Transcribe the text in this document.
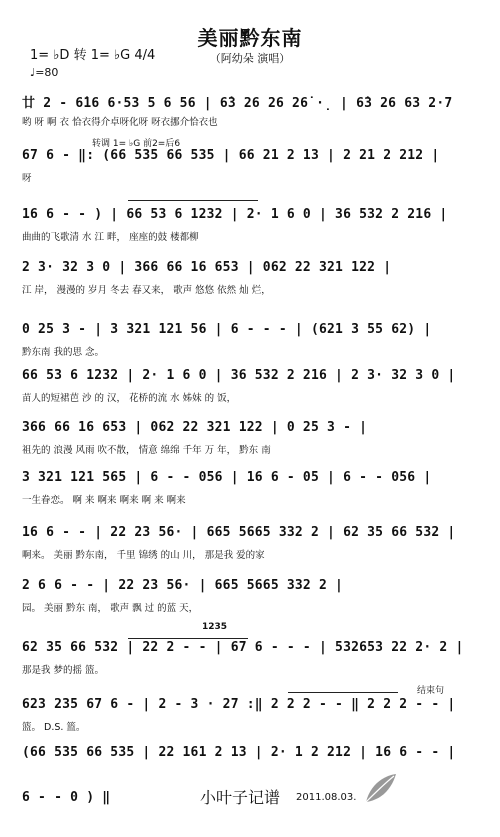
美丽黔东南
（阿幼朵 演唱）
1= ♭D 转 1= ♭G 4/4
♩=80
廿 2 - 6̇16 6·53 5 6 56 | 6̇3 26 26 26̇ ·̣ | 6̇3 26 63 2·7
哟 呀 啊 衣 恰衣得介卓呀化呀 呀衣挪介恰衣也
转调 1= ♭G 前2=后6
67 6 - ‖: (66 535 66 535 | 66 21 2 13 | 2 21 2 212 |
呀
16 6 - - ) | 66 53 6 1232 | 2· 1 6 0 | 36 532 2 216 |
曲曲的飞歌清 水 江 畔， 座座的鼓 楼都柳
2 3· 32 3 0 | 366 66 16 653 | 062 22 321 122 |
江 岸， 漫漫的 岁月 冬去 春又来， 歌声 悠悠 依然 灿 烂，
0 25 3 - | 3 321 121 56 | 6 - - - | (621 3 55 62) |
黔东南 我的思 念。
66 53 6 1232 | 2· 1 6 0 | 36 532 2 216 | 2 3· 32 3 0 |
苗人的短裙芭 沙 的 汉， 花桥的流 水 姊妹 的 饭，
366 66 16 653 | 062 22 321 122 | 0 25 3 - |
祖先的 浪漫 风雨 吹不散， 情意 绵绵 千年 万 年， 黔东 南
3 321 121 565 | 6 - - 056 | 16 6 - 05 | 6 - - 056 |
一生眷恋。 啊 来 啊来 啊来 啊 来 啊来
16 6 - - | 22 23 56· | 665 5665 332 2 | 62 35 66 532 |
啊来。 美丽 黔东南， 千里 锦绣 的山 川， 那是我 爱的家
2 6 6 - - | 22 23 56· | 665 5665 332 2 |
园。 美丽 黔东 南， 歌声 飘 过 的蓝 天，
1235
62 35 66 532 | 22 2 - - | 67 6 - - - | 532653 22 2· 2 |
那是我 梦的摇 篮。
结束句
623 235 67 6 - | 2 - 3 · 27 :‖ 2 2 2 - - ‖ 2 2 2 - - |
篮。 D.S. 篮。
(66 535 66 535 | 22 161 2 13 | 2· 1 2 212 | 16 6 - - |
6 - - 0 ) ‖	小叶子记谱 2011.08.03.
